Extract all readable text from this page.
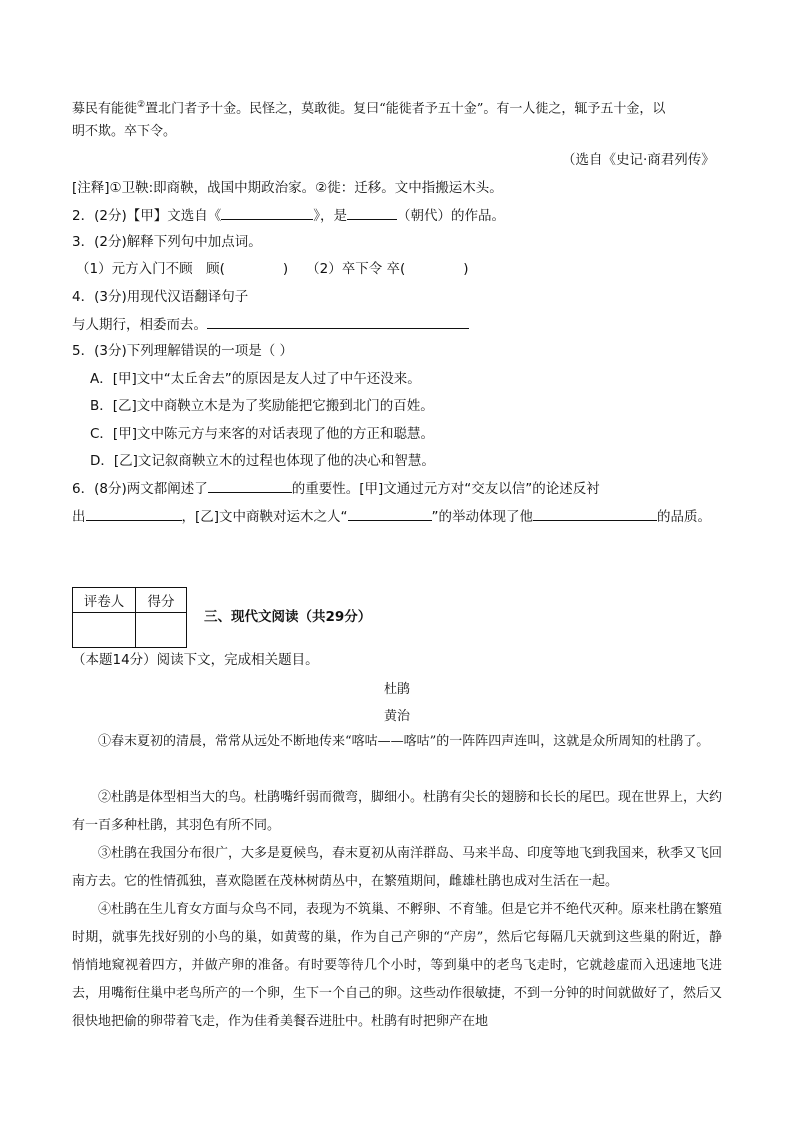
募民有能徙②置北门者予十金。民怪之，莫敢徙。复曰“能徙者予五十金”。有一人徙之，辄予五十金，以
明不欺。卒下令。
（选自《史记·商君列传》
[注释]①卫鞅:即商鞅，战国中期政治家。②徙：迁移。文中指搬运木头。
2．(2分)【甲】文选自《	》，是	（朝代）的作品。
3．(2分)解释下列句中加点词。
（1）元方入门不顾　顾(	) （2）卒下令 卒(	)
4．(3分)用现代汉语翻译句子
与人期行，相委而去。
5．(3分)下列理解错误的一项是（ ）
A．[甲]文中“太丘舍去”的原因是友人过了中午还没来。
B．[乙]文中商鞅立木是为了奖励能把它搬到北门的百姓。
C．[甲]文中陈元方与来客的对话表现了他的方正和聪慧。
D．[乙]文记叙商鞅立木的过程也体现了他的决心和智慧。
6．(8分)两文都阐述了	的重要性。[甲]文通过元方对“交友以信”的论述反衬
出	，[乙]文中商鞅对运木之人“	”的举动体现了他	的品质。
评卷人	得分

三、现代文阅读（共29分）
（本题14分）阅读下文，完成相关题目。
杜鹃
黄治
①春末夏初的清晨，常常从远处不断地传来“喀咕——喀咕”的一阵阵四声连叫，这就是众所周知的杜鹃了。
②杜鹃是体型相当大的鸟。杜鹃嘴纤弱而微弯，脚细小。杜鹃有尖长的翅膀和长长的尾巴。现在世界上，大约有一百多种杜鹃，其羽色有所不同。
③杜鹃在我国分布很广，大多是夏候鸟，春末夏初从南洋群岛、马来半岛、印度等地飞到我国来，秋季又飞回南方去。它的性情孤独，喜欢隐匿在茂林树荫丛中，在繁殖期间，雌雄杜鹃也成对生活在一起。
④杜鹃在生儿育女方面与众鸟不同，表现为不筑巢、不孵卵、不育雏。但是它并不绝代灭种。原来杜鹃在繁殖时期，就事先找好别的小鸟的巢，如黄莺的巢，作为自己产卵的“产房”，然后它每隔几天就到这些巢的附近，静悄悄地窥视着四方，并做产卵的准备。有时要等待几个小时，等到巢中的老鸟飞走时，它就趁虚而入迅速地飞进去，用嘴衔住巢中老鸟所产的一个卵，生下一个自己的卵。这些动作很敏捷，不到一分钟的时间就做好了，然后又很快地把偷的卵带着飞走，作为佳肴美餐吞进肚中。杜鹃有时把卵产在地
